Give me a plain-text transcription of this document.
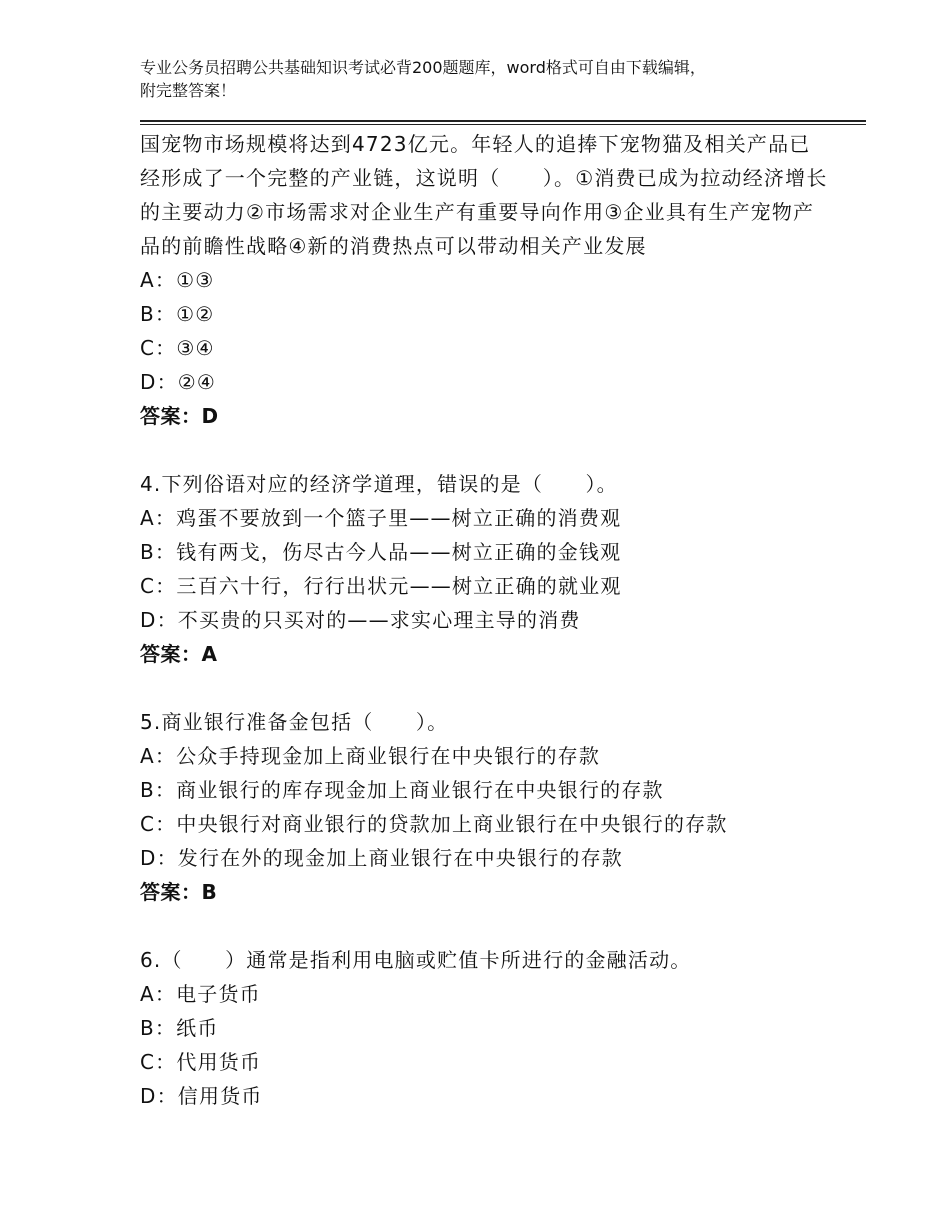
专业公务员招聘公共基础知识考试必背200题题库，word格式可自由下载编辑，
附完整答案！

国宠物市场规模将达到4723亿元。年轻人的追捧下宠物猫及相关产品已经形成了一个完整的产业链，这说明（　　）。①消费已成为拉动经济增长的主要动力②市场需求对企业生产有重要导向作用③企业具有生产宠物产品的前瞻性战略④新的消费热点可以带动相关产业发展

A：①③

B：①②

C：③④

D：②④

答案：D

4.下列俗语对应的经济学道理，错误的是（　　）。

A：鸡蛋不要放到一个篮子里——树立正确的消费观

B：钱有两戈，伤尽古今人品——树立正确的金钱观

C：三百六十行，行行出状元——树立正确的就业观

D：不买贵的只买对的——求实心理主导的消费

答案：A

5.商业银行准备金包括（　　）。

A：公众手持现金加上商业银行在中央银行的存款

B：商业银行的库存现金加上商业银行在中央银行的存款

C：中央银行对商业银行的贷款加上商业银行在中央银行的存款

D：发行在外的现金加上商业银行在中央银行的存款

答案：B

6.（　　）通常是指利用电脑或贮值卡所进行的金融活动。

A：电子货币

B：纸币

C：代用货币

D：信用货币
